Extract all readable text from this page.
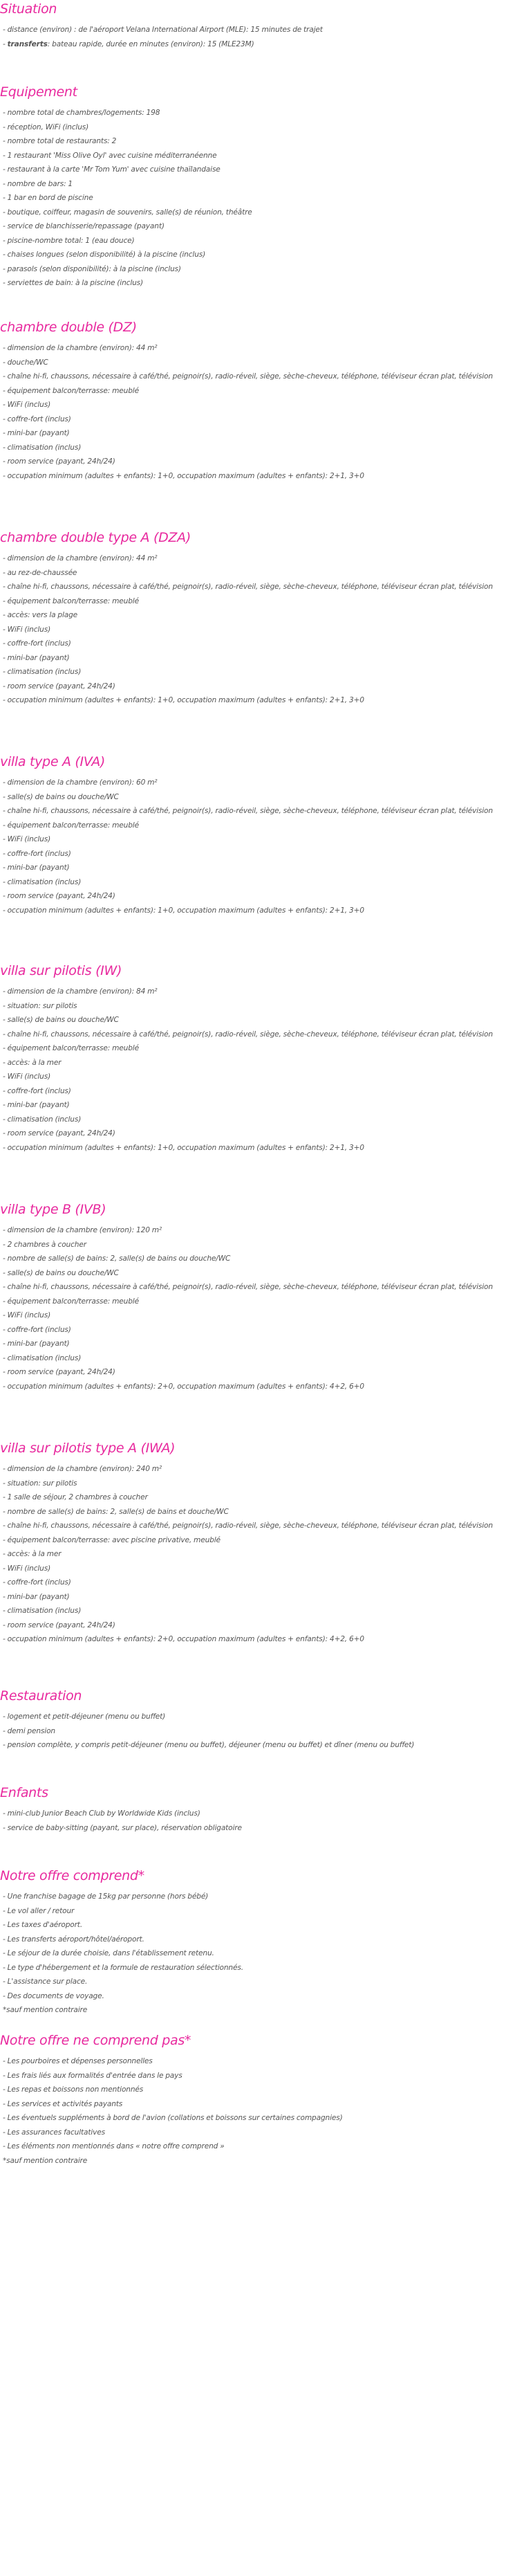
Situation
- distance (environ) : de l'aéroport Velana International Airport (MLE): 15 minutes de trajet
- transferts: bateau rapide, durée en minutes (environ): 15 (MLE23M)
Equipement
- nombre total de chambres/logements: 198
- réception, WiFi (inclus)
- nombre total de restaurants: 2
- 1 restaurant 'Miss Olive Oyl' avec cuisine méditerranéenne
- restaurant à la carte 'Mr Tom Yum' avec cuisine thaïlandaise
- nombre de bars: 1
- 1 bar en bord de piscine
- boutique, coiffeur, magasin de souvenirs, salle(s) de réunion, théâtre
- service de blanchisserie/repassage (payant)
- piscine-nombre total: 1 (eau douce)
- chaises longues (selon disponibilité) à la piscine (inclus)
- parasols (selon disponibilité): à la piscine (inclus)
- serviettes de bain: à la piscine (inclus)
chambre double (DZ)
- dimension de la chambre (environ): 44 m²
- douche/WC
- chaîne hi-fi, chaussons, nécessaire à café/thé, peignoir(s), radio-réveil, siège, sèche-cheveux, téléphone, téléviseur écran plat, télévision
- équipement balcon/terrasse: meublé
- WiFi (inclus)
- coffre-fort (inclus)
- mini-bar (payant)
- climatisation (inclus)
- room service (payant, 24h/24)
- occupation minimum (adultes + enfants): 1+0, occupation maximum (adultes + enfants): 2+1, 3+0
chambre double type A (DZA)
- dimension de la chambre (environ): 44 m²
- au rez-de-chaussée
- chaîne hi-fi, chaussons, nécessaire à café/thé, peignoir(s), radio-réveil, siège, sèche-cheveux, téléphone, téléviseur écran plat, télévision
- équipement balcon/terrasse: meublé
- accès: vers la plage
- WiFi (inclus)
- coffre-fort (inclus)
- mini-bar (payant)
- climatisation (inclus)
- room service (payant, 24h/24)
- occupation minimum (adultes + enfants): 1+0, occupation maximum (adultes + enfants): 2+1, 3+0
villa type A (IVA)
- dimension de la chambre (environ): 60 m²
- salle(s) de bains ou douche/WC
- chaîne hi-fi, chaussons, nécessaire à café/thé, peignoir(s), radio-réveil, siège, sèche-cheveux, téléphone, téléviseur écran plat, télévision
- équipement balcon/terrasse: meublé
- WiFi (inclus)
- coffre-fort (inclus)
- mini-bar (payant)
- climatisation (inclus)
- room service (payant, 24h/24)
- occupation minimum (adultes + enfants): 1+0, occupation maximum (adultes + enfants): 2+1, 3+0
villa sur pilotis (IW)
- dimension de la chambre (environ): 84 m²
- situation: sur pilotis
- salle(s) de bains ou douche/WC
- chaîne hi-fi, chaussons, nécessaire à café/thé, peignoir(s), radio-réveil, siège, sèche-cheveux, téléphone, téléviseur écran plat, télévision
- équipement balcon/terrasse: meublé
- accès: à la mer
- WiFi (inclus)
- coffre-fort (inclus)
- mini-bar (payant)
- climatisation (inclus)
- room service (payant, 24h/24)
- occupation minimum (adultes + enfants): 1+0, occupation maximum (adultes + enfants): 2+1, 3+0
villa type B (IVB)
- dimension de la chambre (environ): 120 m²
- 2 chambres à coucher
- nombre de salle(s) de bains: 2, salle(s) de bains ou douche/WC
- salle(s) de bains ou douche/WC
- chaîne hi-fi, chaussons, nécessaire à café/thé, peignoir(s), radio-réveil, siège, sèche-cheveux, téléphone, téléviseur écran plat, télévision
- équipement balcon/terrasse: meublé
- WiFi (inclus)
- coffre-fort (inclus)
- mini-bar (payant)
- climatisation (inclus)
- room service (payant, 24h/24)
- occupation minimum (adultes + enfants): 2+0, occupation maximum (adultes + enfants): 4+2, 6+0
villa sur pilotis type A (IWA)
- dimension de la chambre (environ): 240 m²
- situation: sur pilotis
- 1 salle de séjour, 2 chambres à coucher
- nombre de salle(s) de bains: 2, salle(s) de bains et douche/WC
- chaîne hi-fi, chaussons, nécessaire à café/thé, peignoir(s), radio-réveil, siège, sèche-cheveux, téléphone, téléviseur écran plat, télévision
- équipement balcon/terrasse: avec piscine privative, meublé
- accès: à la mer
- WiFi (inclus)
- coffre-fort (inclus)
- mini-bar (payant)
- climatisation (inclus)
- room service (payant, 24h/24)
- occupation minimum (adultes + enfants): 2+0, occupation maximum (adultes + enfants): 4+2, 6+0
Restauration
- logement et petit-déjeuner (menu ou buffet)
- demi pension
- pension complète, y compris petit-déjeuner (menu ou buffet), déjeuner (menu ou buffet) et dîner (menu ou buffet)
Enfants
- mini-club Junior Beach Club by Worldwide Kids (inclus)
- service de baby-sitting (payant, sur place), réservation obligatoire
Notre offre comprend*
- Une franchise bagage de 15kg par personne (hors bébé)
- Le vol aller / retour
- Les taxes d'aéroport.
- Les transferts aéroport/hôtel/aéroport.
- Le séjour de la durée choisie, dans l'établissement retenu.
- Le type d'hébergement et la formule de restauration sélectionnés.
- L'assistance sur place.
- Des documents de voyage.
*sauf mention contraire
Notre offre ne comprend pas*
- Les pourboires et dépenses personnelles
- Les frais liés aux formalités d'entrée dans le pays
- Les repas et boissons non mentionnés
- Les services et activités payants
- Les éventuels suppléments à bord de l'avion (collations et boissons sur certaines compagnies)
- Les assurances facultatives
- Les éléments non mentionnés dans « notre offre comprend »
*sauf mention contraire
